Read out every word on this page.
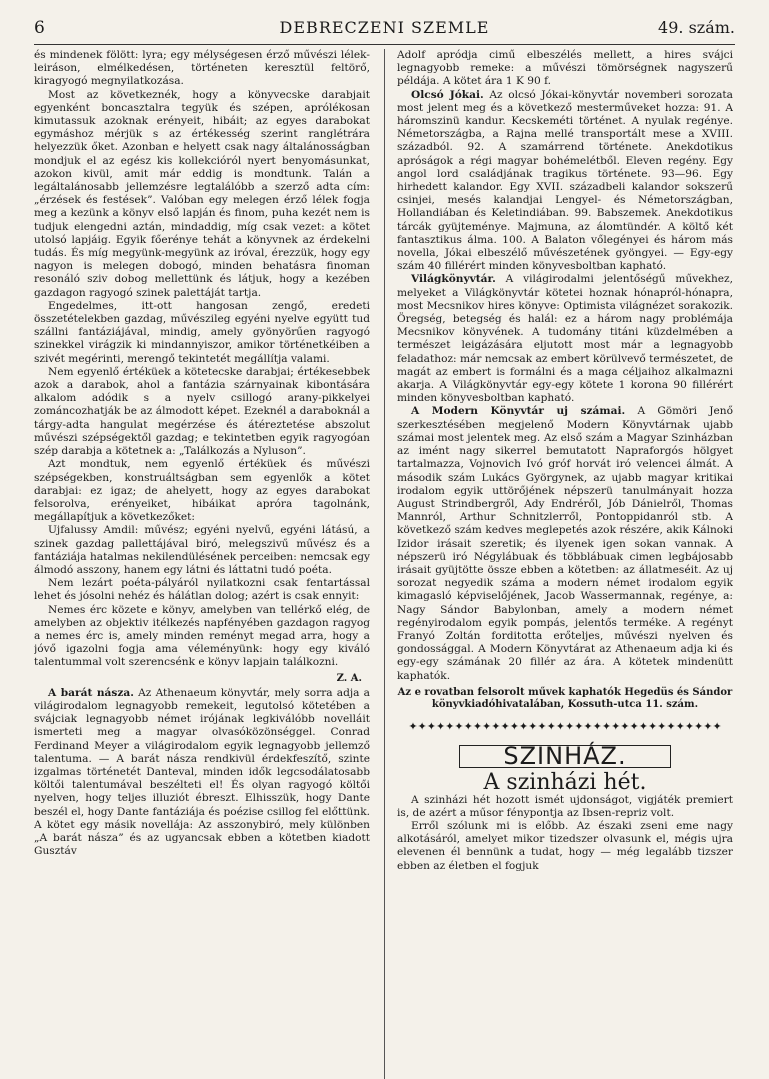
6	DEBRECZENI SZEMLE	49. szám.

és mindenek fölött: lyra; egy mélységesen érző művészi lélek-leiráson, elmélkedésen, történeten keresztül feltörő, kiragyogó megnyilatkozása.

Most az következnék, hogy a könyvecske darabjait egyenként boncasztalra tegyük és szépen, aprólékosan kimutassuk azoknak erényeit, hibáit; az egyes darabokat egymáshoz mérjük s az értékesség szerint ranglétrára helyezzük őket. Azonban e helyett csak nagy általánosságban mondjuk el az egész kis kollekcióról nyert benyomásunkat, azokon kivül, amit már eddig is mondtunk. Talán a legáltalánosabb jellemzésre legtalálóbb a szerző adta cím: „érzések és festések”. Valóban egy melegen érző lélek fogja meg a kezünk a könyv első lapján és finom, puha kezét nem is tudjuk elengedni aztán, mindaddig, míg csak vezet: a kötet utolsó lapjáig. Egyik főerénye tehát a könyvnek az érdekelni tudás. És míg megyünk-megyünk az iróval, érezzük, hogy egy nagyon is melegen dobogó, minden behatásra finoman resonáló sziv dobog mellettünk és látjuk, hogy a kezében gazdagon ragyogó szinek palettáját tartja.

Engedelmes, itt-ott hangosan zengő, eredeti összetételekben gazdag, művészileg egyéni nyelve együtt tud szállni fantáziájával, mindig, amely gyönyörűen ragyogó szinekkel virágzik ki mindannyiszor, amikor történetkéiben a szivét megérinti, merengő tekintetét megállítja valami.

Nem egyenlő értéküek a kötetecske darabjai; értékesebbek azok a darabok, ahol a fantázia szárnyainak kibontására alkalom adódik s a nyelv csillogó arany-pikkelyei zománcozhatják be az álmodott képet. Ezeknél a daraboknál a tárgy-adta hangulat megérzése és átéreztetése abszolut művészi szépségektől gazdag; e tekintetben egyik ragyogóan szép darabja a kötetnek a: „Találkozás a Nyluson”.

Azt mondtuk, nem egyenlő értéküek és művészi szépségekben, konstruáltságban sem egyenlők a kötet darabjai: ez igaz; de ahelyett, hogy az egyes darabokat felsorolva, erényeiket, hibáikat apróra tagolnánk, megállapítjuk a következőket:

Ujfalussy Amdil: művész; egyéni nyelvű, egyéni látású, a szinek gazdag pallettájával biró, melegszivű művész és a fantáziája hatalmas nekilendülésének perceiben: nemcsak egy álmodó asszony, hanem egy látni és láttatni tudó poéta.

Nem lezárt poéta-pályáról nyilatkozni csak fentartással lehet és jósolni nehéz és hálátlan dolog; azért is csak ennyit:

Nemes érc közete e könyv, amelyben van tellérkő elég, de amelyben az objektiv itélkezés napfényében gazdagon ragyog a nemes érc is, amely minden reményt megad arra, hogy a jóvő igazolni fogja ama véleményünk: hogy egy kiváló talentummal volt szerencsénk e könyv lapjain találkozni.

Z. A.

A barát násza. Az Athenaeum könyvtár, mely sorra adja a világirodalom legnagyobb remekeit, legutolsó kötetében a svájciak legnagyobb német irójának legkiválóbb novelláit ismerteti meg a magyar olvasóközönséggel. Conrad Ferdinand Meyer a világirodalom egyik legnagyobb jellemző talentuma. — A barát násza rendkivül érdekfeszítő, szinte izgalmas történetét Danteval, minden idők legcsodálatosabb költői talentumával beszélteti el! És olyan ragyogó költői nyelven, hogy teljes illuziót ébreszt. Elhisszük, hogy Dante beszél el, hogy Dante fantáziája és poézise csillog fel előttünk. A kötet egy másik novellája: Az asszonybiró, mely különben „A barát násza” és az ugyancsak ebben a kötetben kiadott Gusztáv

Adolf apródja cimű elbeszélés mellett, a hires svájci legnagyobb remeke: a művészi tömörségnek nagyszerű példája. A kötet ára 1 K 90 f.

Olcsó Jókai. Az olcsó Jókai-könyvtár novemberi sorozata most jelent meg és a következő mesterműveket hozza: 91. A háromszinü kandur. Kecskeméti történet. A nyulak regénye. Németországba, a Rajna mellé transportált mese a XVIII. századból. 92. A szamárrend története. Anekdotikus apróságok a régi magyar bohémelétből. Eleven regény. Egy angol lord családjának tragikus története. 93—96. Egy hirhedett kalandor. Egy XVII. századbeli kalandor sokszerű csinjei, mesés kalandjai Lengyel- és Németországban, Hollandiában és Keletindiában. 99. Babszemek. Anekdotikus tárcák gyüjteménye. Majmuna, az álomtündér. A költő két fantasztikus álma. 100. A Balaton vőlegényei és három más novella, Jókai elbeszélő művészetének gyöngyei. — Egy-egy szám 40 fillérért minden könyvesboltban kapható.

Világkönyvtár. A világirodalmi jelentőségű művekhez, melyeket a Világkönyvtár kötetei hoznak hónapról-hónapra, most Mecsnikov hires könyve: Optimista világnézet sorakozik. Öregség, betegség és halál: ez a három nagy problémája Mecsnikov könyvének. A tudomány titáni küzdelmében a természet leigázására eljutott most már a legnagyobb feladathoz: már nemcsak az embert körülvevő természetet, de magát az embert is formálni és a maga céljaihoz alkalmazni akarja. A Világkönyvtár egy-egy kötete 1 korona 90 fillérért minden könyvesboltban kapható.

A Modern Könyvtár uj számai. A Gömöri Jenő szerkesztésében megjelenő Modern Könyvtárnak ujabb számai most jelentek meg. Az első szám a Magyar Szinházban az imént nagy sikerrel bemutatott Napraforgós hölgyet tartalmazza, Vojnovich Ivó gróf horvát iró velencei álmát. A második szám Lukács Györgynek, az ujabb magyar kritikai irodalom egyik uttörőjének népszerü tanulmányait hozza August Strindbergről, Ady Endréről, Jób Dánielről, Thomas Mannról, Arthur Schnitzlerről, Pontoppidanról stb. A következő szám kedves meglepetés azok részére, akik Kálnoki Izidor irásait szeretik; és ilyenek igen sokan vannak. A népszerü iró Négylábuak és többlábuak cimen legbájosabb irásait gyüjtötte össze ebben a kötetben: az állatmeséit. Az uj sorozat negyedik száma a modern német irodalom egyik kimagasló képviselőjének, Jacob Wassermannak, regénye, a: Nagy Sándor Babylonban, amely a modern német regényirodalom egyik pompás, jelentős terméke. A regényt Franyó Zoltán forditotta erőteljes, művészi nyelven és gondossággal. A Modern Könyvtárat az Athenaeum adja ki és egy-egy számának 20 fillér az ára. A kötetek mindenütt kaphatók.

Az e rovatban felsorolt művek kaphatók Hegedüs és Sándor könyvkiadóhivatalában, Kossuth-utca 11. szám.
✦✦✦✦✦✦✦✦✦✦✦✦✦✦✦✦✦✦✦✦✦✦✦✦✦✦✦✦✦✦✦✦✦✦
SZINHÁZ.
A szinházi hét.

A szinházi hét hozott ismét ujdonságot, vigjáték premiert is, de azért a műsor fénypontja az Ibsen-repriz volt.

Erről szólunk mi is előbb. Az északi zseni eme nagy alkotásáról, amelyet mikor tizedszer olvasunk el, mégis ujra elevenen él bennünk a tudat, hogy — még legalább tizszer ebben az életben el fogjuk
